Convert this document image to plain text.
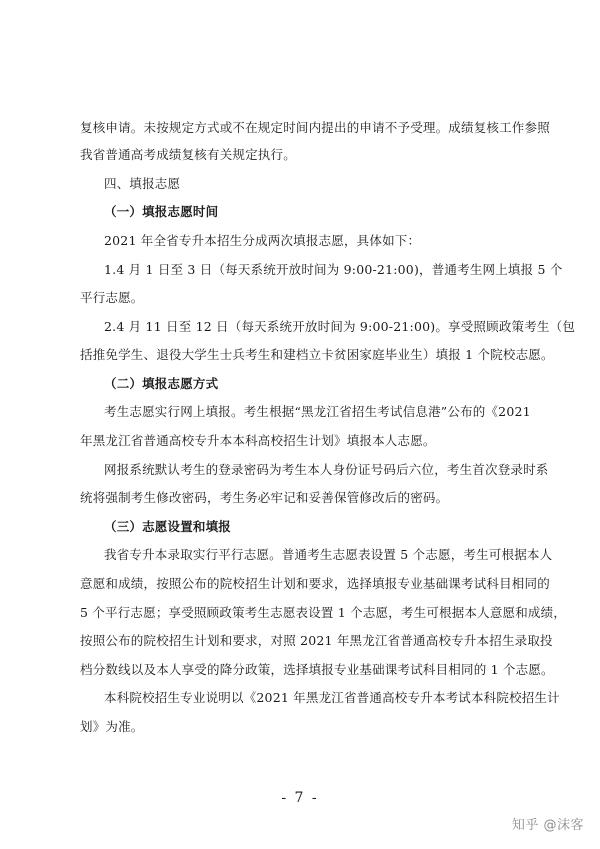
复核申请。未按规定方式或不在规定时间内提出的申请不予受理。成绩复核工作参照
我省普通高考成绩复核有关规定执行。
四、填报志愿
（一）填报志愿时间
2021 年全省专升本招生分成两次填报志愿，具体如下：
1.4 月 1 日至 3 日（每天系统开放时间为 9:00-21:00)，普通考生网上填报 5 个
平行志愿。
2.4 月 11 日至 12 日（每天系统开放时间为 9:00-21:00)。享受照顾政策考生（包
括推免学生、退役大学生士兵考生和建档立卡贫困家庭毕业生）填报 1 个院校志愿。
（二）填报志愿方式
考生志愿实行网上填报。考生根据“黑龙江省招生考试信息港”公布的《2021
年黑龙江省普通高校专升本本科高校招生计划》填报本人志愿。
网报系统默认考生的登录密码为考生本人身份证号码后六位，考生首次登录时系
统将强制考生修改密码，考生务必牢记和妥善保管修改后的密码。
（三）志愿设置和填报
我省专升本录取实行平行志愿。普通考生志愿表设置 5 个志愿，考生可根据本人
意愿和成绩，按照公布的院校招生计划和要求，选择填报专业基础课考试科目相同的
5 个平行志愿；享受照顾政策考生志愿表设置 1 个志愿，考生可根据本人意愿和成绩，
按照公布的院校招生计划和要求，对照 2021 年黑龙江省普通高校专升本招生录取投
档分数线以及本人享受的降分政策，选择填报专业基础课考试科目相同的 1 个志愿。
本科院校招生专业说明以《2021 年黑龙江省普通高校专升本考试本科院校招生计
划》为准。
- 7 -
知乎 @沫客
